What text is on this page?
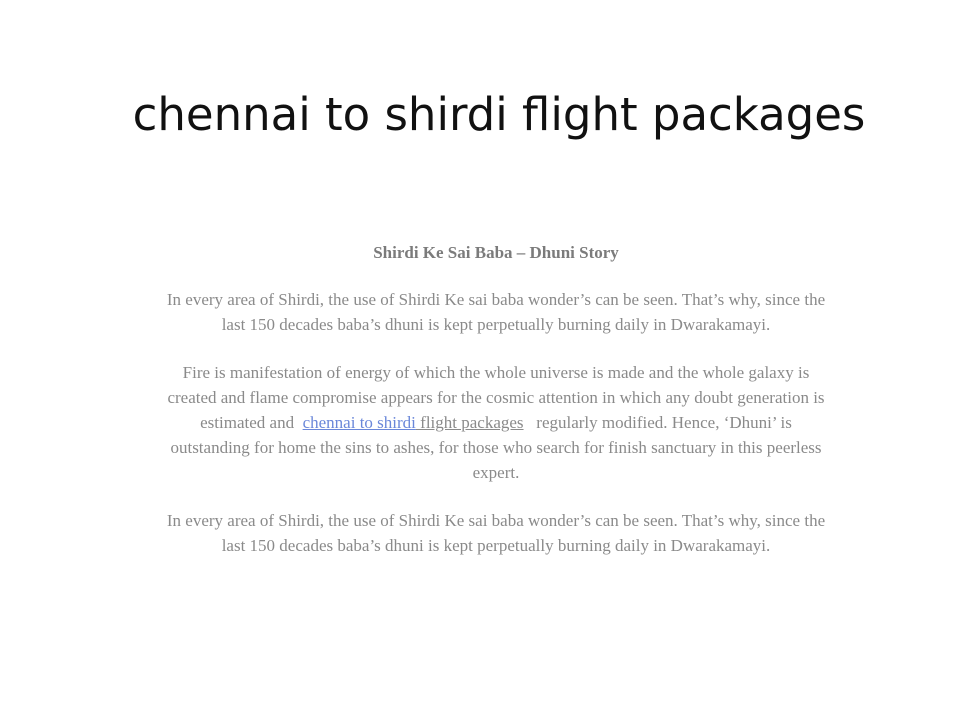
chennai to shirdi flight packages
Shirdi Ke Sai Baba – Dhuni Story
In every area of Shirdi, the use of Shirdi Ke sai baba wonder’s can be seen. That’s why, since the
last 150 decades baba’s dhuni is kept perpetually burning daily in Dwarakamayi.
Fire is manifestation of energy of which the whole universe is made and the whole galaxy is
created and flame compromise appears for the cosmic attention in which any doubt generation is
estimated and  chennai to shirdi flight packages   regularly modified. Hence, ‘Dhuni’ is
outstanding for home the sins to ashes, for those who search for finish sanctuary in this peerless
expert.
In every area of Shirdi, the use of Shirdi Ke sai baba wonder’s can be seen. That’s why, since the
last 150 decades baba’s dhuni is kept perpetually burning daily in Dwarakamayi.
